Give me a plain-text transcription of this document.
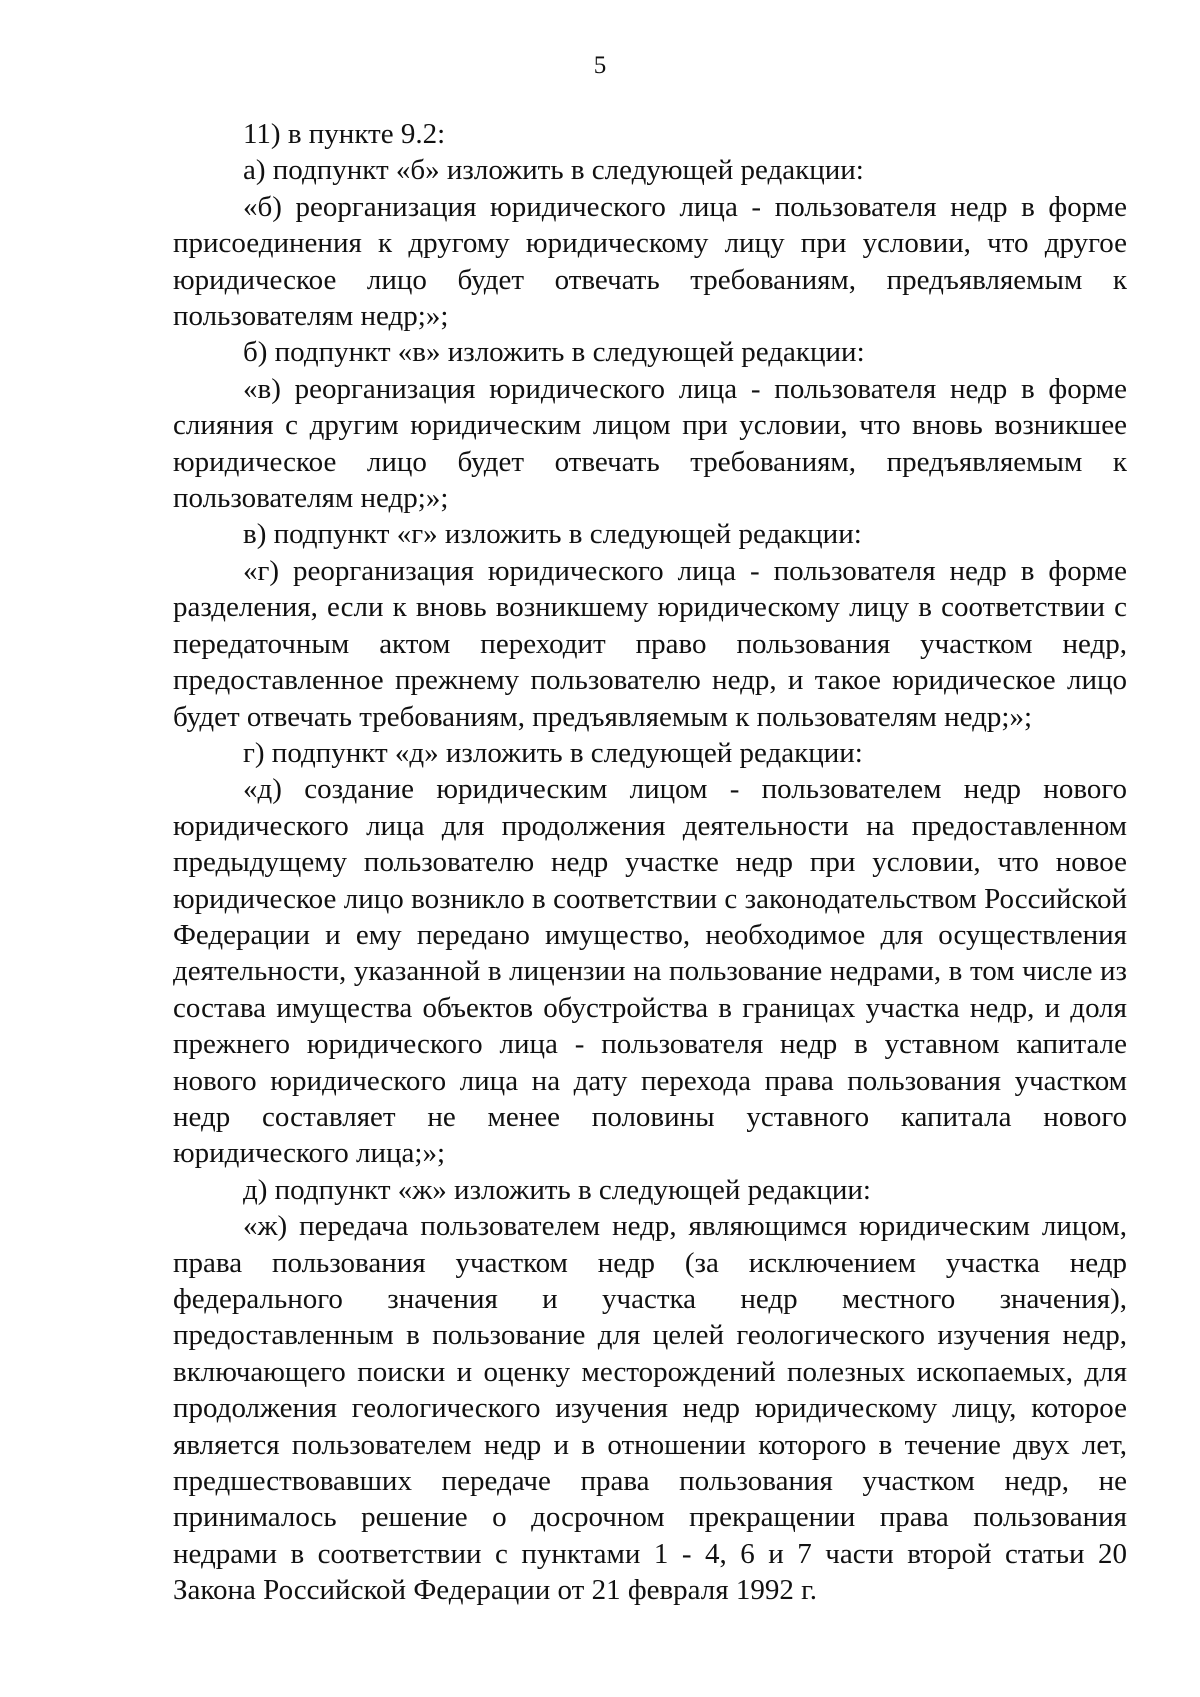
5

11) в пункте 9.2:

а) подпункт «б» изложить в следующей редакции:

«б) реорганизация юридического лица - пользователя недр в форме присоединения к другому юридическому лицу при условии, что другое юридическое лицо будет отвечать требованиям, предъявляемым к пользователям недр;»;

б) подпункт «в» изложить в следующей редакции:

«в) реорганизация юридического лица - пользователя недр в форме слияния с другим юридическим лицом при условии, что вновь возникшее юридическое лицо будет отвечать требованиям, предъявляемым к пользователям недр;»;

в) подпункт «г» изложить в следующей редакции:

«г) реорганизация юридического лица - пользователя недр в форме разделения, если к вновь возникшему юридическому лицу в соответствии с передаточным актом переходит право пользования участком недр, предоставленное прежнему пользователю недр, и такое юридическое лицо будет отвечать требованиям, предъявляемым к пользователям недр;»;

г) подпункт «д» изложить в следующей редакции:

«д) создание юридическим лицом - пользователем недр нового юридического лица для продолжения деятельности на предоставленном предыдущему пользователю недр участке недр при условии, что новое юридическое лицо возникло в соответствии с законодательством Российской Федерации и ему передано имущество, необходимое для осуществления деятельности, указанной в лицензии на пользование недрами, в том числе из состава имущества объектов обустройства в границах участка недр, и доля прежнего юридического лица - пользователя недр в уставном капитале нового юридического лица на дату перехода права пользования участком недр составляет не менее половины уставного капитала нового юридического лица;»;

д) подпункт «ж» изложить в следующей редакции:

«ж) передача пользователем недр, являющимся юридическим лицом, права пользования участком недр (за исключением участка недр федерального значения и участка недр местного значения), предоставленным в пользование для целей геологического изучения недр, включающего поиски и оценку месторождений полезных ископаемых, для продолжения геологического изучения недр юридическому лицу, которое является пользователем недр и в отношении которого в течение двух лет, предшествовавших передаче права пользования участком недр, не принималось решение о досрочном прекращении права пользования недрами в соответствии с пунктами 1 - 4, 6 и 7 части второй статьи 20 Закона Российской Федерации от 21 февраля 1992 г.
